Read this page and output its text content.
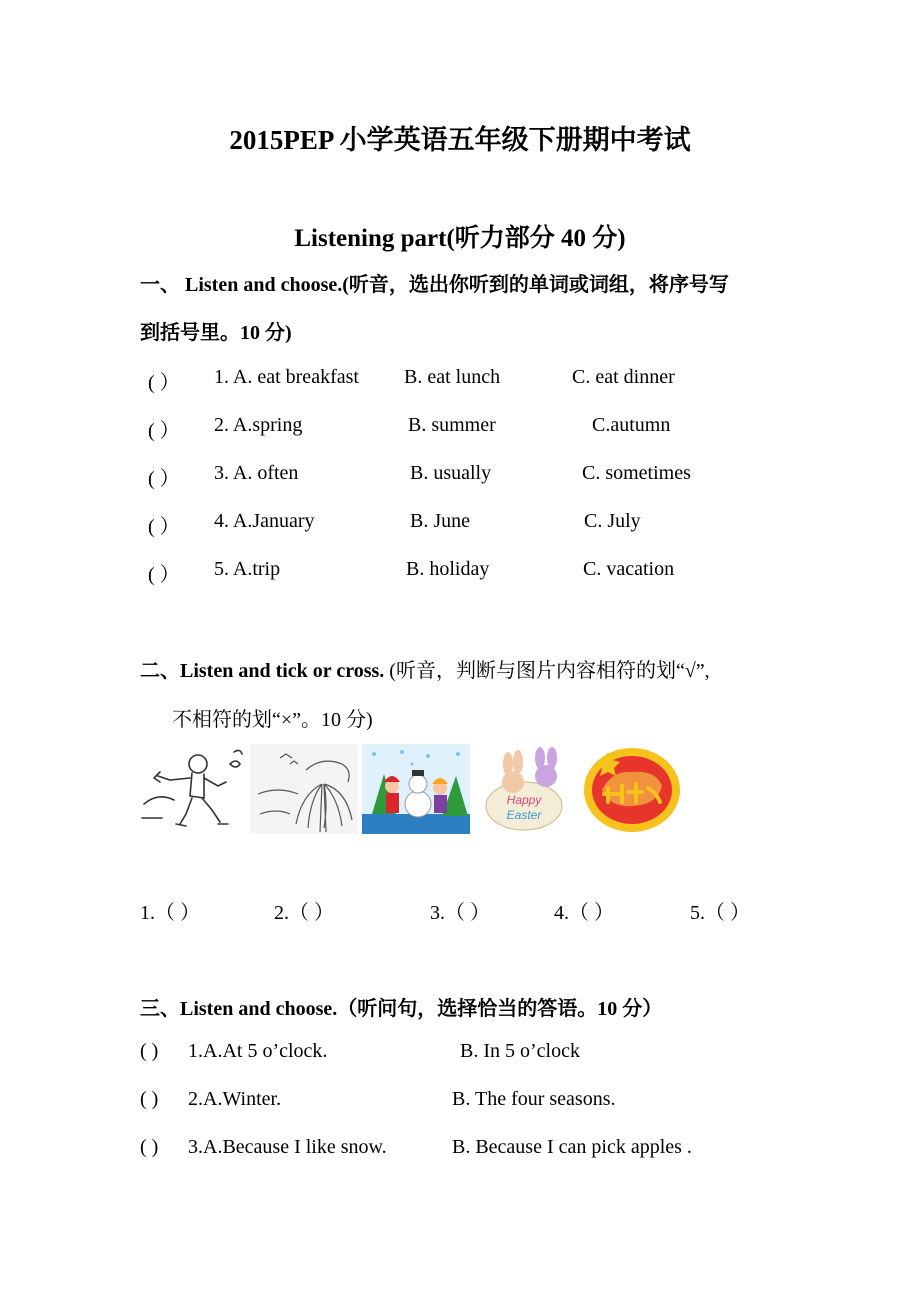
2015PEP 小学英语五年级下册期中考试
Listening part(听力部分 40 分)
一、 Listen and choose.(听音，选出你听到的单词或词组，将序号写
到括号里。10 分)
( ） 1. A. eat breakfast B. eat lunch	C. eat dinner
( ） 2. A.spring	B. summer	C.autumn
( ） 3. A. often	B. usually	C. sometimes
( ） 4. A.January	B. June	C. July
( ） 5. A.trip	B. holiday	C. vacation
二、Listen and tick or cross. (听音，判断与图片内容相符的划“√”,
不相符的划“×”。10 分)
Happy
Easter
1.（ ）	2.（ ）	3.（ ）	4.（ ）	5.（ ）
三、Listen and choose.（听问句，选择恰当的答语。10 分）
( ) 1.A.At 5 o’clock.	B. In 5 o’clock
( ) 2.A.Winter.	B. The four seasons.
( ) 3.A.Because I like snow.	B. Because I can pick apples .
